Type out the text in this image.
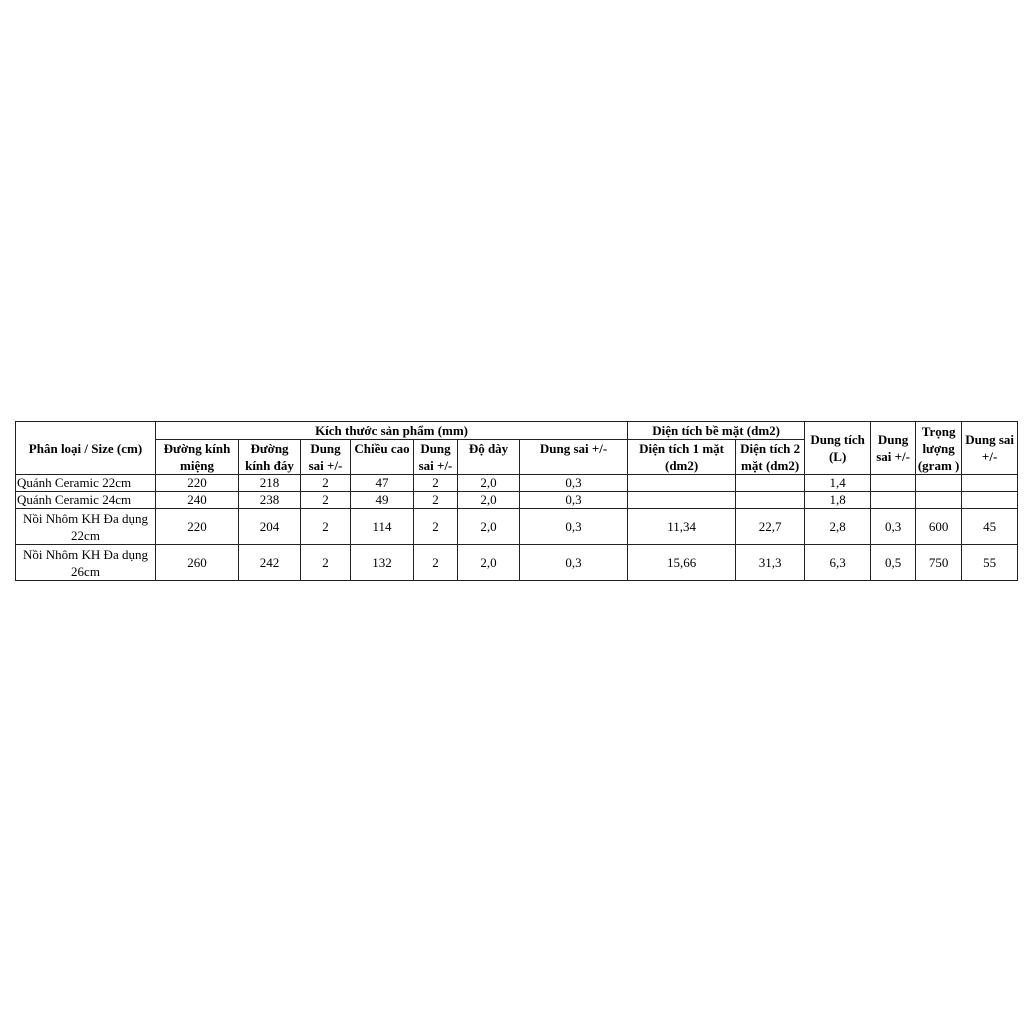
Phân loại / Size (cm)	Kích thước sản phẩm (mm)							Diện tích bề mặt (dm2)		Dung tích (L)	Dung sai +/-	Trọng lượng (gram )	Dung sai +/-
	Đường kính miệng	Đường kính đáy	Dung sai +/-	Chiều cao	Dung sai +/-	Độ dày	Dung sai +/-	Diện tích 1 mặt (dm2)	Diện tích 2 mặt (dm2)				
Quánh Ceramic 22cm	220	218	2	47	2	2,0	0,3			1,4			
Quánh Ceramic 24cm	240	238	2	49	2	2,0	0,3			1,8			
Nồi Nhôm KH Đa dụng 22cm	220	204	2	114	2	2,0	0,3	11,34	22,7	2,8	0,3	600	45
Nồi Nhôm KH Đa dụng 26cm	260	242	2	132	2	2,0	0,3	15,66	31,3	6,3	0,5	750	55
